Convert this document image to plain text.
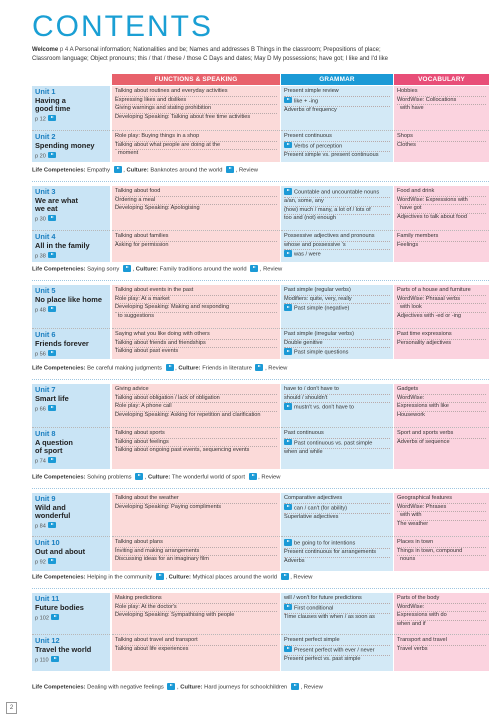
CONTENTS
Welcome p 4 A Personal information; Nationalities and be; Names and addresses B Things in the classroom; Prepositions of place;
Classroom language; Object pronouns; this / that / these / those C Days and dates; May D My possessions; have got; I like and I'd like
FUNCTIONS & SPEAKING	GRAMMAR	VOCABULARY
Unit 1
Having a
good time
p 12
Talking about routines and everyday activities
Expressing likes and dislikes
Giving warnings and stating prohibition
Developing Speaking: Talking about free time activities
Present simple review
like + -ing
Adverbs of frequency
Hobbies
WordWise: Collocations
with have
Unit 2
Spending money
p 20
Role play: Buying things in a shop
Talking about what people are doing at the
moment
Present continuous
Verbs of perception
Present simple vs. present continuous
Shops
Clothes
Life Competencies: Empathy  , Culture: Banknotes around the world  , Review
Unit 3
We are what
we eat
p 30
Talking about food
Ordering a meal
Developing Speaking: Apologising
Countable and uncountable nouns
a/an, some, any
(how) much / many, a lot of / lots of
too and (not) enough
Food and drink
WordWise: Expressions with
have got
Adjectives to talk about food
Unit 4
All in the family
p 38
Talking about families
Asking for permission
Possessive adjectives and pronouns
whose and possessive 's
was / were
Family members
Feelings
Life Competencies: Saying sorry  , Culture: Family traditions around the world  , Review
Unit 5
No place like home
p 48
Talking about events in the past
Role play: At a market
Developing Speaking: Making and responding
to suggestions
Past simple (regular verbs)
Modifiers: quite, very, really
Past simple (negative)
Parts of a house and furniture
WordWise: Phrasal verbs
with look
Adjectives with -ed or -ing
Unit 6
Friends forever
p 56
Saying what you like doing with others
Talking about friends and friendships
Talking about past events
Past simple (irregular verbs)
Double genitive
Past simple questions
Past time expressions
Personality adjectives
Life Competencies: Be careful making judgments  , Culture: Friends in literature  , Review
Unit 7
Smart life
p 66
Giving advice
Talking about obligation / lack of obligation
Role play: A phone call
Developing Speaking: Asking for repetition and clarification
have to / don't have to
should / shouldn't
mustn't vs. don't have to
Gadgets
WordWise:
Expressions with like
Housework
Unit 8
A question
of sport
p 74
Talking about sports
Talking about feelings
Talking about ongoing past events, sequencing events
Past continuous
Past continuous vs. past simple
when and while
Sport and sports verbs
Adverbs of sequence
Life Competencies: Solving problems  , Culture: The wonderful world of sport  , Review
Unit 9
Wild and
wonderful
p 84
Talking about the weather
Developing Speaking: Paying compliments
Comparative adjectives
can / can't (for ability)
Superlative adjectives
Geographical features
WordWise: Phrases
with with
The weather
Unit 10
Out and about
p 92
Talking about plans
Inviting and making arrangements
Discussing ideas for an imaginary film
be going to for intentions
Present continuous for arrangements
Adverbs
Places in town
Things in town, compound
nouns
Life Competencies: Helping in the community  , Culture: Mythical places around the world  , Review
Unit 11
Future bodies
p 102
Making predictions
Role play: At the doctor's
Developing Speaking: Sympathising with people
will / won't for future predictions
First conditional
Time clauses with when / as soon as
Parts of the body
WordWise:
Expressions with do
when and if
Unit 12
Travel the world
p 110
Talking about travel and transport
Talking about life experiences
Present perfect simple
Present perfect with ever / never
Present perfect vs. past simple
Transport and travel
Travel verbs
Life Competencies: Dealing with negative feelings  , Culture: Hard journeys for schoolchildren  , Review
2
